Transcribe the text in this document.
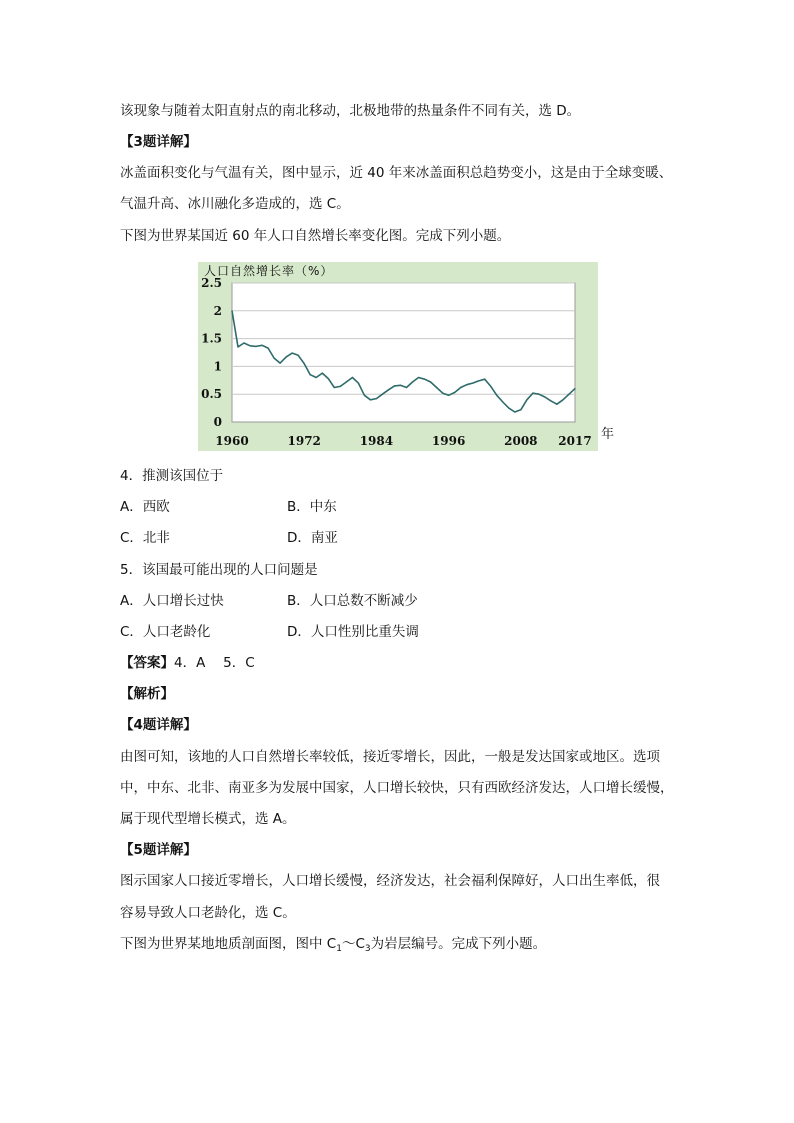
该现象与随着太阳直射点的南北移动，北极地带的热量条件不同有关，选 D。
【3题详解】
冰盖面积变化与气温有关，图中显示，近 40 年来冰盖面积总趋势变小，这是由于全球变暖、
气温升高、冰川融化多造成的，选 C。
下图为世界某国近 60 年人口自然增长率变化图。完成下列小题。
2.5
2
1.5
1
0.5
0
1960	1972	1984	1996	2008 2017
人口自然增长率（%）
年
4．推测该国位于
A．西欧	B．中东
C．北非	D．南亚
5．该国最可能出现的人口问题是
A．人口增长过快	B．人口总数不断减少
C．人口老龄化	D．人口性别比重失调
【答案】4．A　 5．C
【解析】
【4题详解】
由图可知，该地的人口自然增长率较低，接近零增长，因此，一般是发达国家或地区。选项
中，中东、北非、南亚多为发展中国家，人口增长较快，只有西欧经济发达，人口增长缓慢，
属于现代型增长模式，选 A。
【5题详解】
图示国家人口接近零增长，人口增长缓慢，经济发达，社会福利保障好，人口出生率低，很
容易导致人口老龄化，选 C。
下图为世界某地地质剖面图，图中 $C_1\sim C_3$为岩层编号。完成下列小题。
